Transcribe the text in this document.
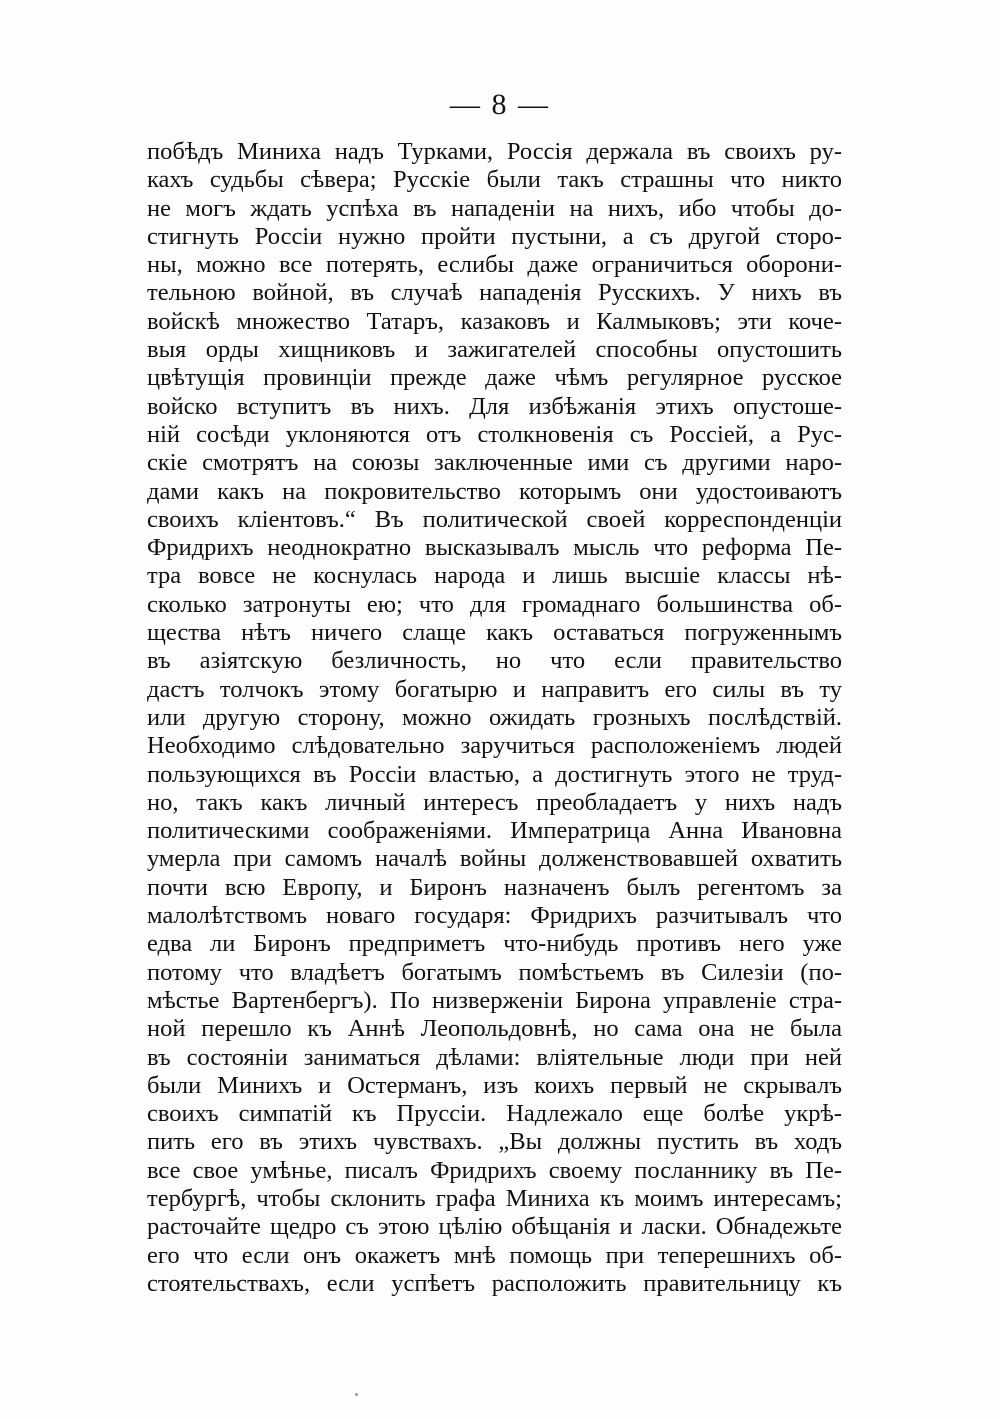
— 8 —
побѣдъ Миниха надъ Турками, Россія держала въ своихъ ру-
кахъ судьбы сѣвера; Русскіе были такъ страшны что никто
не могъ ждать успѣха въ нападеніи на нихъ, ибо чтобы до-
стигнуть Россіи нужно пройти пустыни, а съ другой сторо-
ны, можно все потерять, еслибы даже ограничиться оборони-
тельною войной, въ случаѣ нападенія Русскихъ. У нихъ въ
войскѣ множество Татаръ, казаковъ и Калмыковъ; эти коче-
выя орды хищниковъ и зажигателей способны опустошить
цвѣтущія провинціи прежде даже чѣмъ регулярное русское
войско вступитъ въ нихъ. Для избѣжанія этихъ опустоше-
ній сосѣди уклоняются отъ столкновенія съ Россіей, а Рус-
скіе смотрятъ на союзы заключенные ими съ другими наро-
дами какъ на покровительство которымъ они удостоиваютъ
своихъ кліентовъ.“ Въ политической своей корреспонденціи
Фридрихъ неоднократно высказывалъ мысль что реформа Пе-
тра вовсе не коснулась народа и лишь высшіе классы нѣ-
сколько затронуты ею; что для громаднаго большинства об-
щества нѣтъ ничего слаще какъ оставаться погруженнымъ
въ азіятскую безличность, но что если правительство
дастъ толчокъ этому богатырю и направитъ его силы въ ту
или другую сторону, можно ожидать грозныхъ послѣдствій.
Необходимо слѣдовательно заручиться расположеніемъ людей
пользующихся въ Россіи властью, а достигнуть этого не труд-
но, такъ какъ личный интересъ преобладаетъ у нихъ надъ
политическими соображеніями. Императрица Анна Ивановна
умерла при самомъ началѣ войны долженствовавшей охватить
почти всю Европу, и Биронъ назначенъ былъ регентомъ за
малолѣтствомъ новаго государя: Фридрихъ разчитывалъ что
едва ли Биронъ предприметъ что-нибудь противъ него уже
потому что владѣетъ богатымъ помѣстьемъ въ Силезіи (по-
мѣстье Вартенбергъ). По низверженіи Бирона управленіе стра-
ной перешло къ Аннѣ Леопольдовнѣ, но сама она не была
въ состояніи заниматься дѣлами: вліятельные люди при ней
были Минихъ и Остерманъ, изъ коихъ первый не скрывалъ
своихъ симпатій къ Пруссіи. Надлежало еще болѣе укрѣ-
пить его въ этихъ чувствахъ. „Вы должны пустить въ ходъ
все свое умѣнье, писалъ Фридрихъ своему посланнику въ Пе-
тербургѣ, чтобы склонить графа Миниха къ моимъ интересамъ;
расточайте щедро съ этою цѣлію обѣщанія и ласки. Обнадежьте
его что если онъ окажетъ мнѣ помощь при теперешнихъ об-
стоятельствахъ, если успѣетъ расположить правительницу къ
